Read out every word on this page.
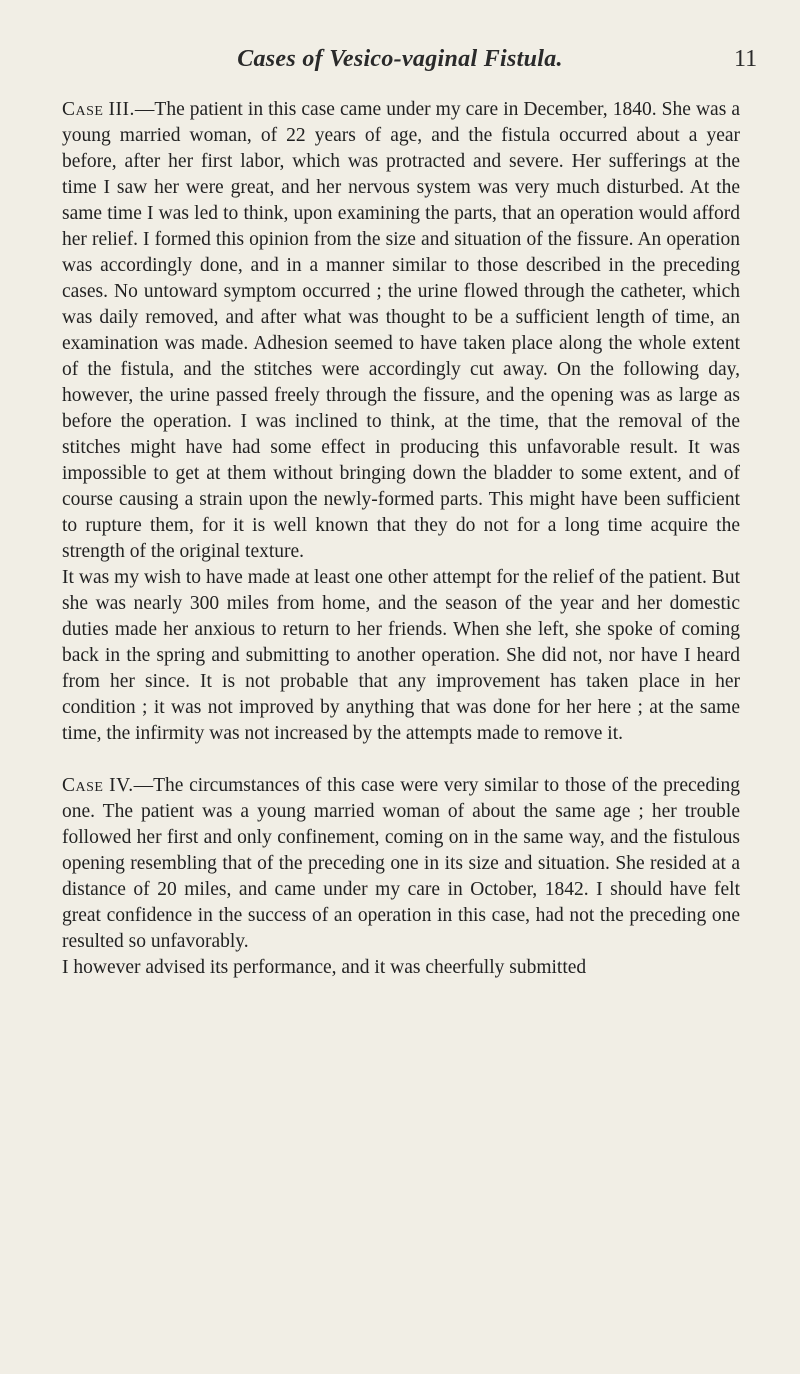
Cases of Vesico-vaginal Fistula.	11

Case III.—The patient in this case came under my care in December, 1840. She was a young married woman, of 22 years of age, and the fistula occurred about a year before, after her first labor, which was protracted and severe. Her sufferings at the time I saw her were great, and her nervous system was very much disturbed. At the same time I was led to think, upon examining the parts, that an operation would afford her relief. I formed this opinion from the size and situation of the fissure. An operation was accordingly done, and in a manner similar to those described in the preceding cases. No untoward symptom occurred ; the urine flowed through the catheter, which was daily removed, and after what was thought to be a sufficient length of time, an examination was made. Adhesion seemed to have taken place along the whole extent of the fistula, and the stitches were accordingly cut away. On the following day, however, the urine passed freely through the fissure, and the opening was as large as before the operation. I was inclined to think, at the time, that the removal of the stitches might have had some effect in producing this unfavorable result. It was impossible to get at them without bringing down the bladder to some extent, and of course causing a strain upon the newly-formed parts. This might have been sufficient to rupture them, for it is well known that they do not for a long time acquire the strength of the original texture.

It was my wish to have made at least one other attempt for the relief of the patient. But she was nearly 300 miles from home, and the season of the year and her domestic duties made her anxious to return to her friends. When she left, she spoke of coming back in the spring and submitting to another operation. She did not, nor have I heard from her since. It is not probable that any improvement has taken place in her condition ; it was not improved by anything that was done for her here ; at the same time, the infirmity was not increased by the attempts made to remove it.

Case IV.—The circumstances of this case were very similar to those of the preceding one. The patient was a young married woman of about the same age ; her trouble followed her first and only confinement, coming on in the same way, and the fistulous opening resembling that of the preceding one in its size and situation. She resided at a distance of 20 miles, and came under my care in October, 1842. I should have felt great confidence in the success of an operation in this case, had not the preceding one resulted so unfavorably.

I however advised its performance, and it was cheerfully submitted
